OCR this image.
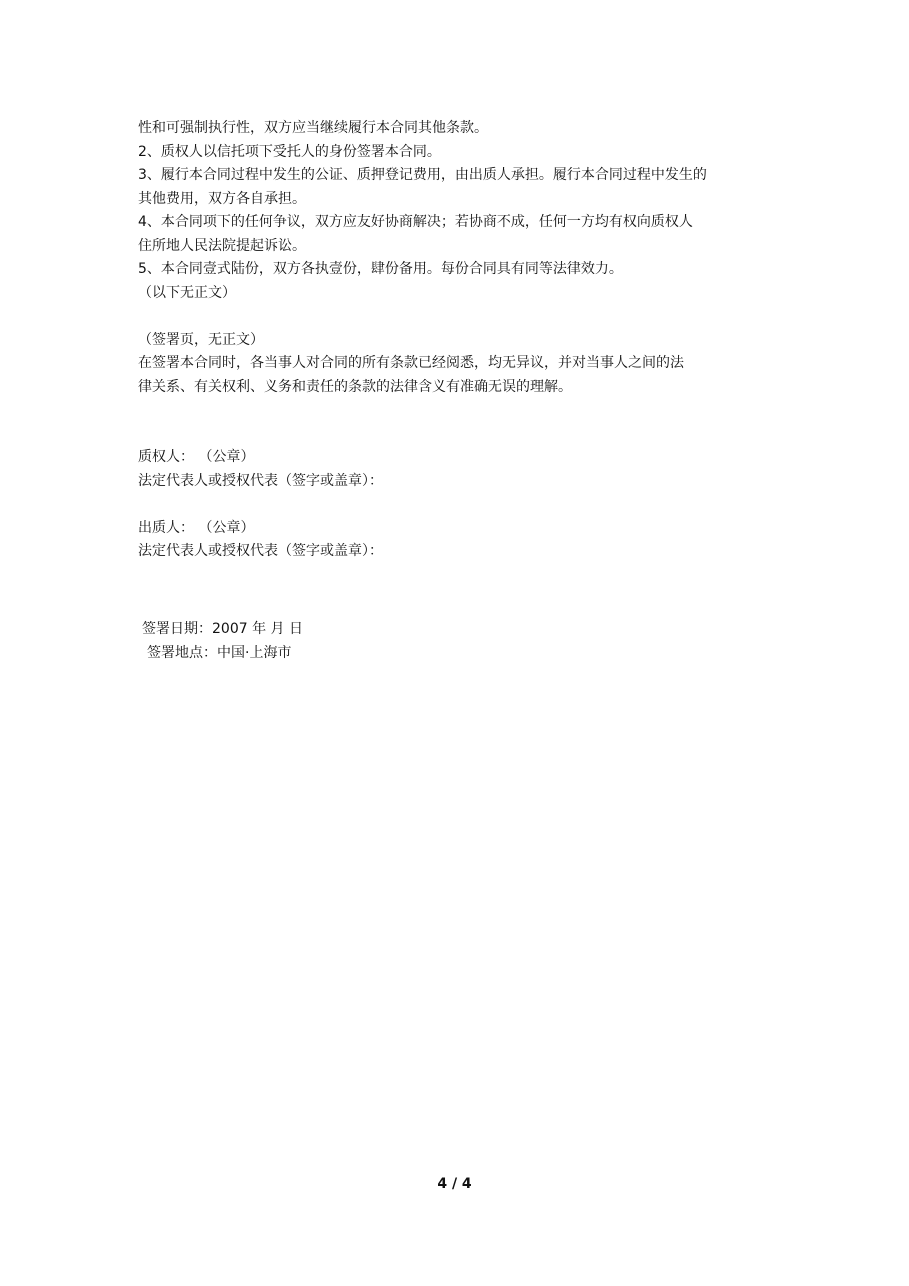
性和可强制执行性，双方应当继续履行本合同其他条款。
2、质权人以信托项下受托人的身份签署本合同。
3、履行本合同过程中发生的公证、质押登记费用，由出质人承担。履行本合同过程中发生的
其他费用，双方各自承担。
4、本合同项下的任何争议，双方应友好协商解决；若协商不成，任何一方均有权向质权人
住所地人民法院提起诉讼。
5、本合同壹式陆份，双方各执壹份，肆份备用。每份合同具有同等法律效力。
（以下无正文）
（签署页，无正文）
在签署本合同时，各当事人对合同的所有条款已经阅悉，均无异议，并对当事人之间的法
律关系、有关权利、义务和责任的条款的法律含义有准确无误的理解。
质权人： （公章）
法定代表人或授权代表（签字或盖章）：
出质人： （公章）
法定代表人或授权代表（签字或盖章）：
签署日期：2007 年 月 日
签署地点：中国·上海市
4 / 4
